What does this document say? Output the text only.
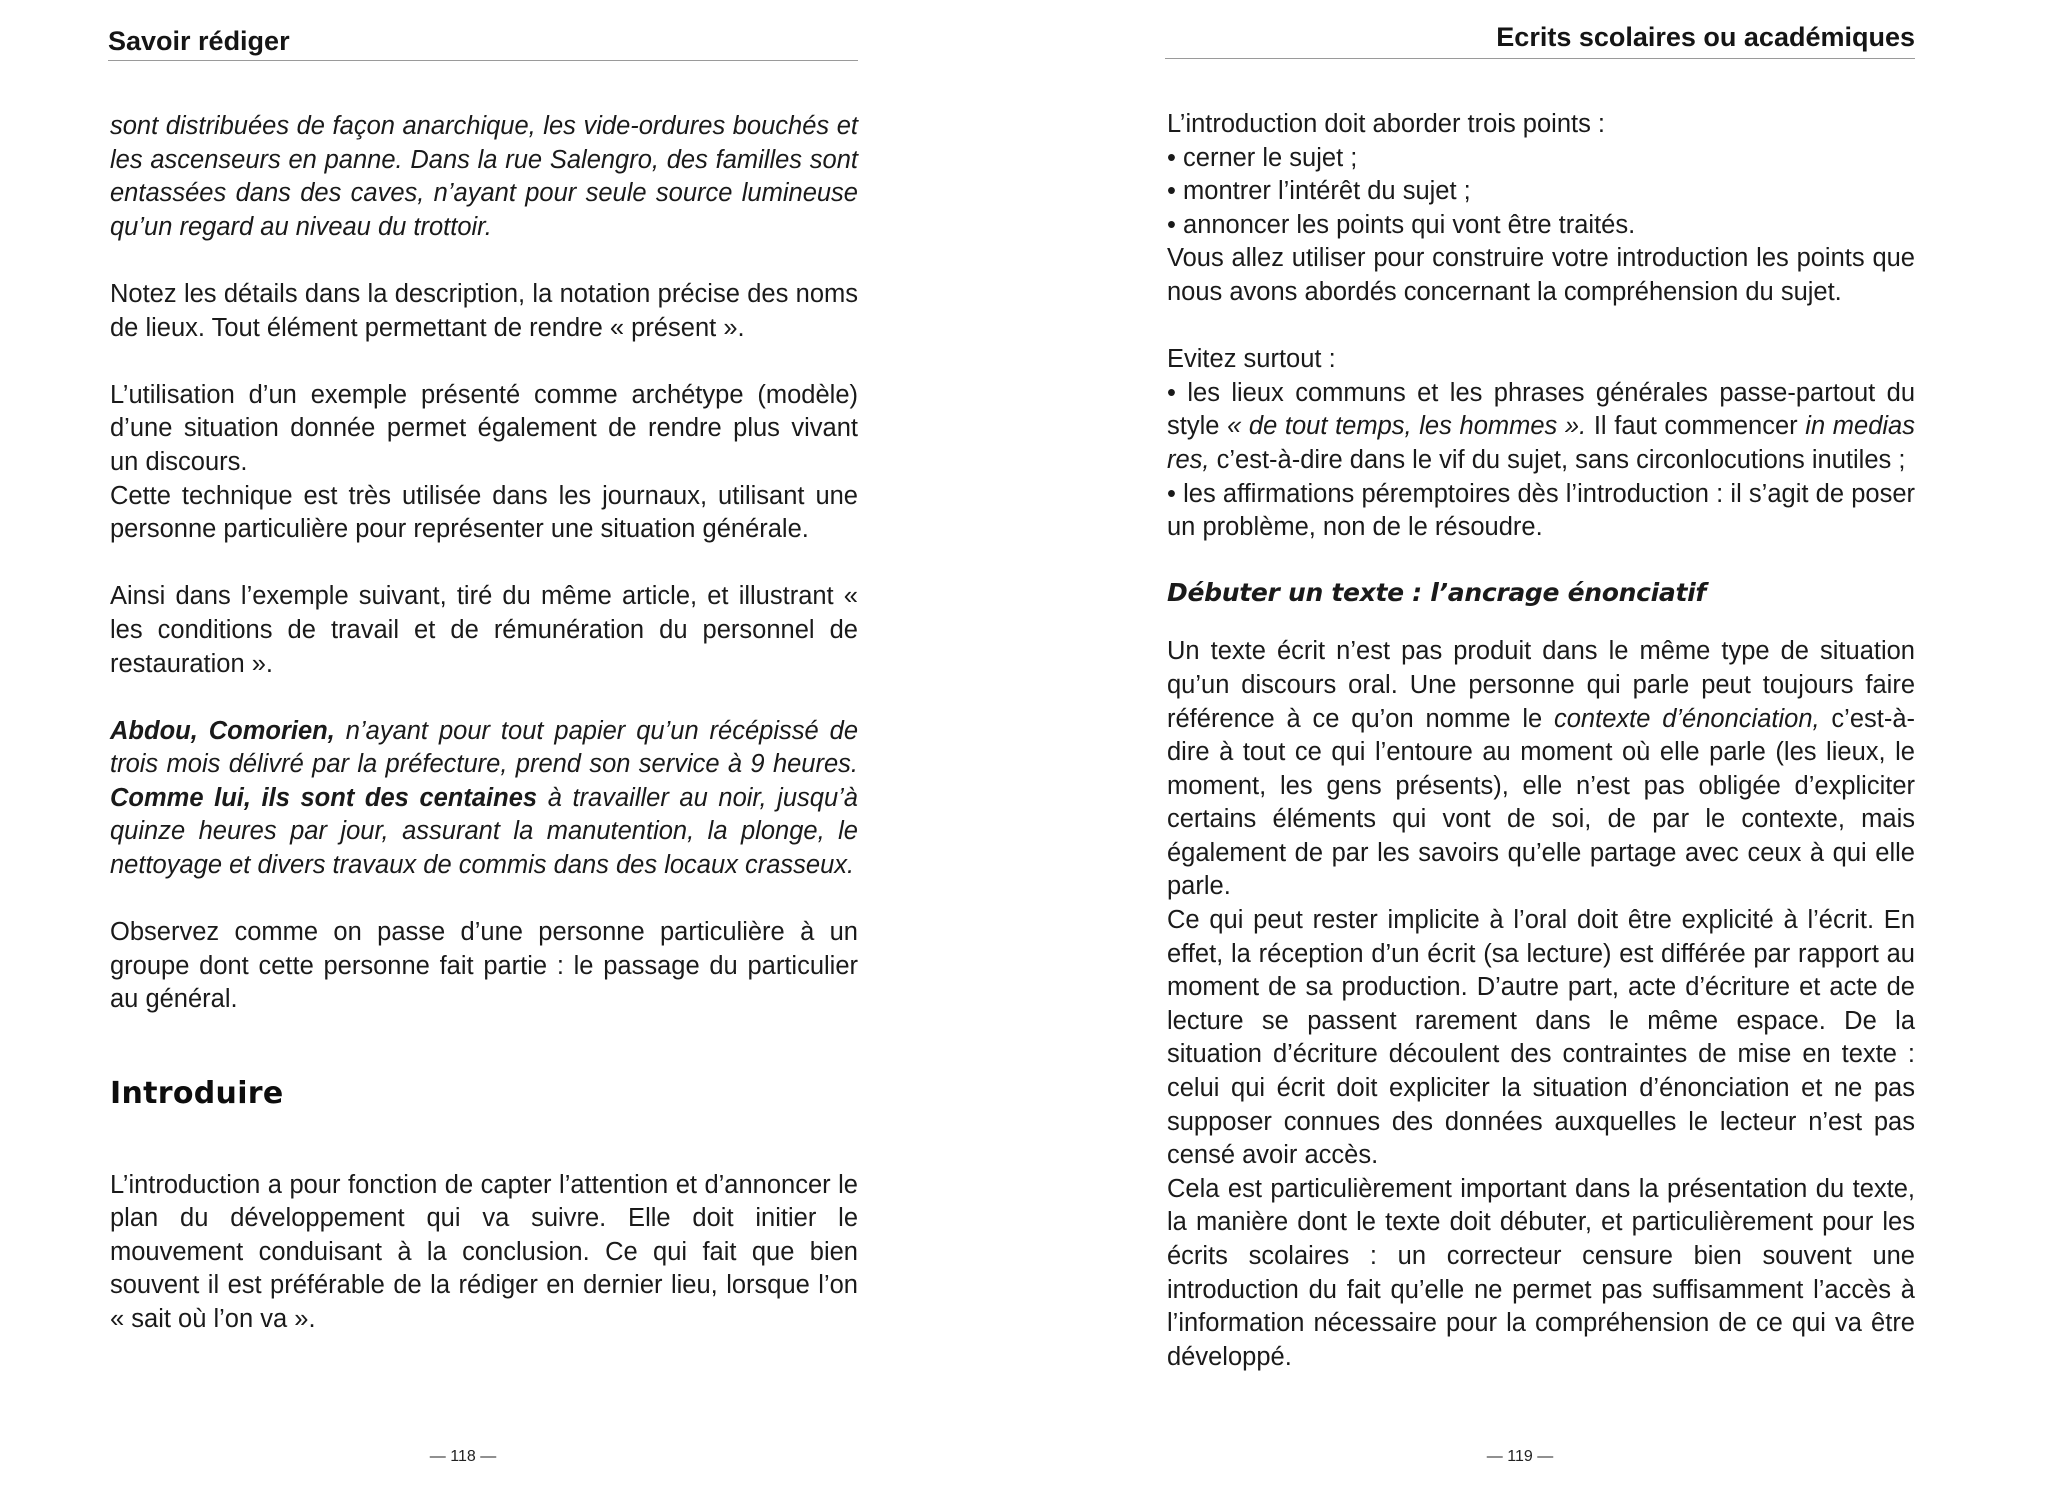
Savoir rédiger

sont distribuées de façon anarchique, les vide-ordures bouchés et les ascenseurs en panne. Dans la rue Salengro, des familles sont entassées dans des caves, n’ayant pour seule source lumineuse qu’un regard au niveau du trottoir.

Notez les détails dans la description, la notation précise des noms de lieux. Tout élément permettant de rendre « présent ».

L’utilisation d’un exemple présenté comme archétype (modèle) d’une situation donnée permet également de rendre plus vivant un discours.

Cette technique est très utilisée dans les journaux, utilisant une personne particulière pour représenter une situation générale.

Ainsi dans l’exemple suivant, tiré du même article, et illustrant « les conditions de travail et de rémunération du personnel de restauration ».

Abdou, Comorien, n’ayant pour tout papier qu’un récépissé de trois mois délivré par la préfecture, prend son service à 9 heures. Comme lui, ils sont des centaines à travailler au noir, jusqu’à quinze heures par jour, assurant la manutention, la plonge, le nettoyage et divers travaux de commis dans des locaux crasseux.

Observez comme on passe d’une personne particulière à un groupe dont cette personne fait partie : le passage du particulier au général.

Introduire

L’introduction a pour fonction de capter l’attention et d’annoncer le plan du développement qui va suivre. Elle doit initier le mouvement conduisant à la conclusion. Ce qui fait que bien souvent il est préférable de la rédiger en dernier lieu, lorsque l’on « sait où l’on va ».

— 118 —
Ecrits scolaires ou académiques

L’introduction doit aborder trois points :

• cerner le sujet ;
• montrer l’intérêt du sujet ;
• annoncer les points qui vont être traités.

Vous allez utiliser pour construire votre introduction les points que nous avons abordés concernant la compréhension du sujet.

Evitez surtout :

• les lieux communs et les phrases générales passe-partout du style « de tout temps, les hommes ». Il faut commencer in medias res, c’est-à-dire dans le vif du sujet, sans circonlocutions inutiles ;
• les affirmations péremptoires dès l’introduction : il s’agit de poser un problème, non de le résoudre.

Débuter un texte : l’ancrage énonciatif

Un texte écrit n’est pas produit dans le même type de situation qu’un discours oral. Une personne qui parle peut toujours faire référence à ce qu’on nomme le contexte d’énonciation, c’est-à-dire à tout ce qui l’entoure au moment où elle parle (les lieux, le moment, les gens présents), elle n’est pas obligée d’expliciter certains éléments qui vont de soi, de par le contexte, mais également de par les savoirs qu’elle partage avec ceux à qui elle parle.

Ce qui peut rester implicite à l’oral doit être explicité à l’écrit. En effet, la réception d’un écrit (sa lecture) est différée par rapport au moment de sa production. D’autre part, acte d’écriture et acte de lecture se passent rarement dans le même espace. De la situation d’écriture découlent des contraintes de mise en texte : celui qui écrit doit expliciter la situation d’énonciation et ne pas supposer connues des données auxquelles le lecteur n’est pas censé avoir accès.

Cela est particulièrement important dans la présentation du texte, la manière dont le texte doit débuter, et particulièrement pour les écrits scolaires : un correcteur censure bien souvent une introduction du fait qu’elle ne permet pas suffisamment l’accès à l’information nécessaire pour la compréhension de ce qui va être développé.

— 119 —
